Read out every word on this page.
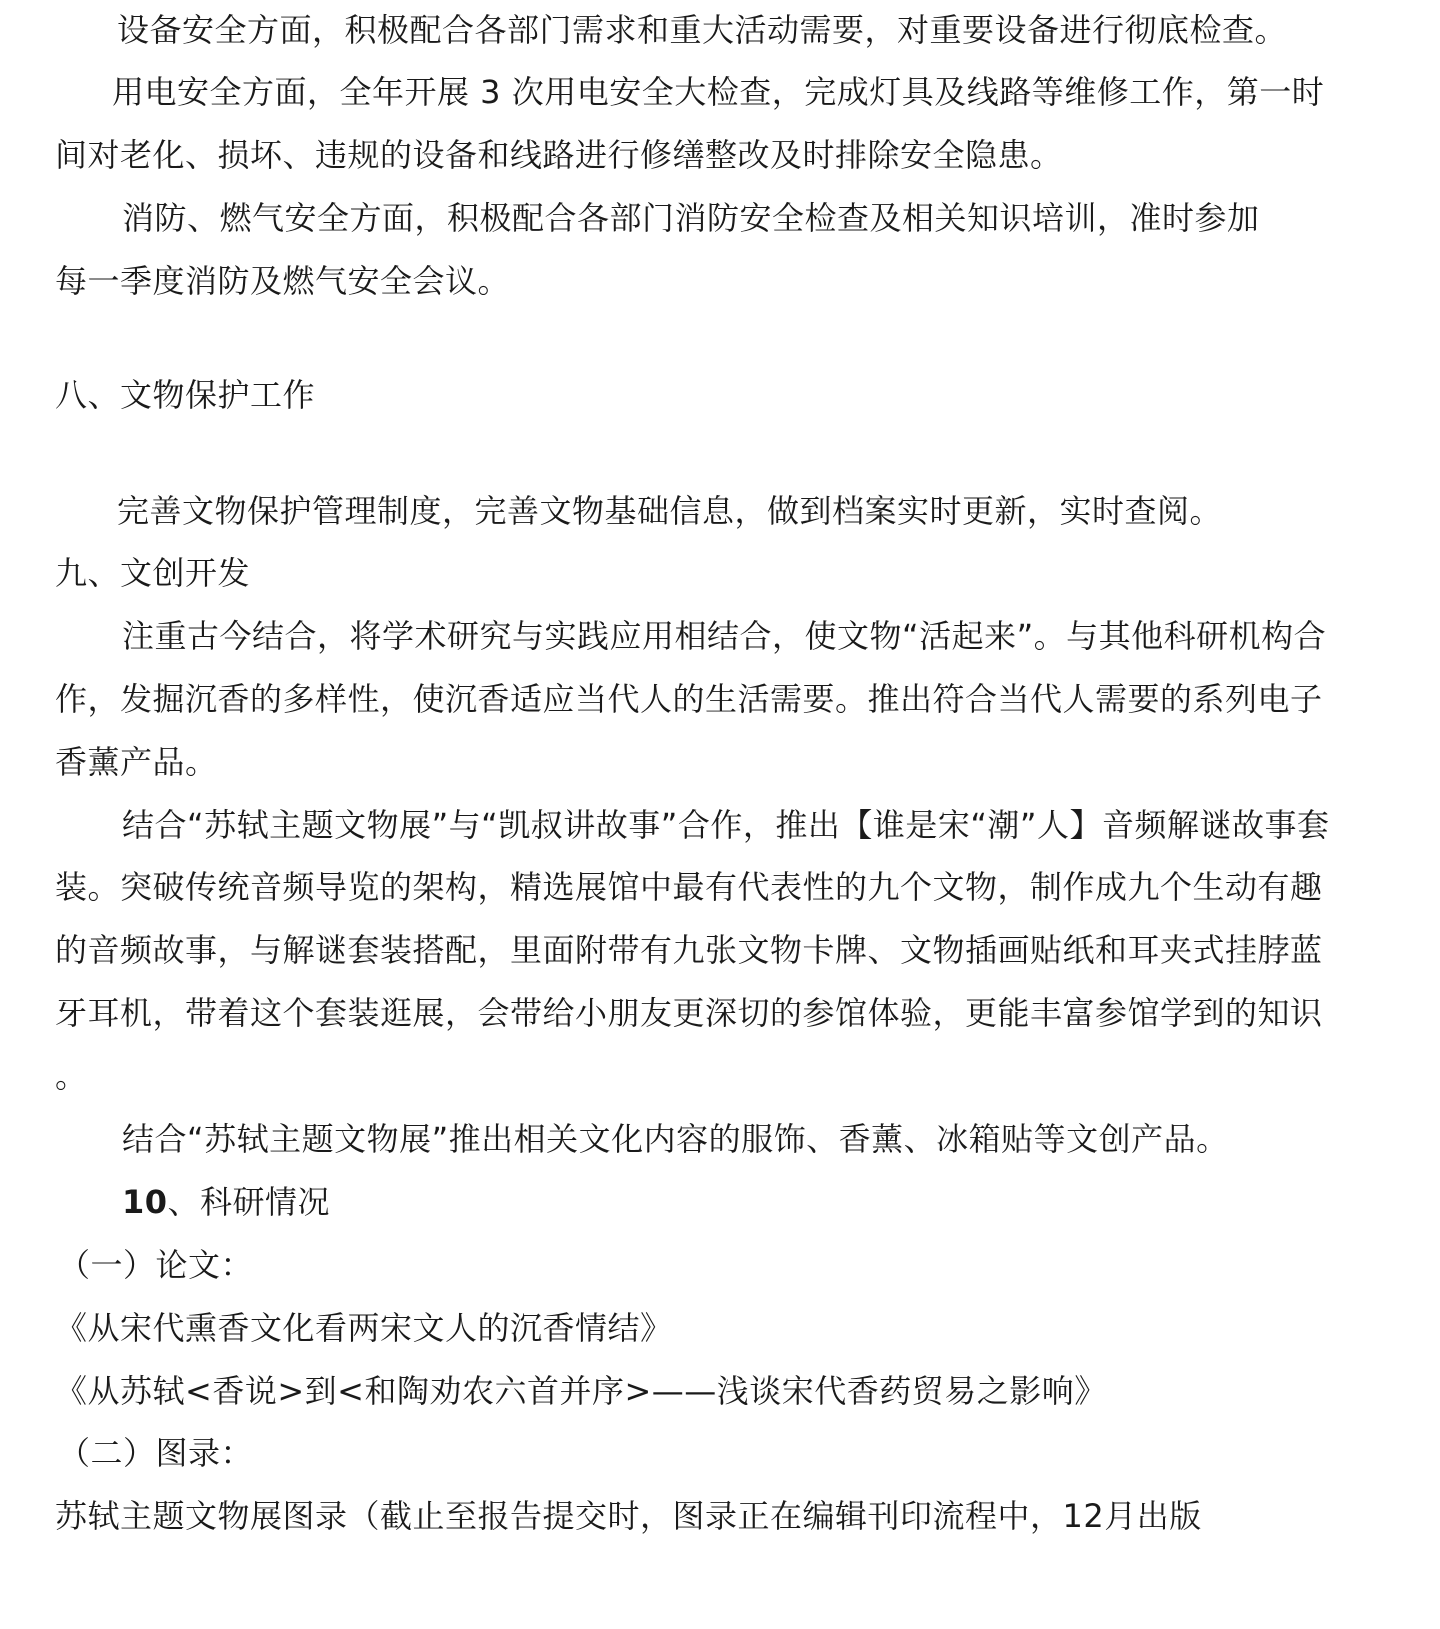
设备安全方面，积极配合各部门需求和重大活动需要，对重要设备进行彻底检查。
用电安全方面，全年开展 3 次用电安全大检查，完成灯具及线路等维修工作，第一时
间对老化、损坏、违规的设备和线路进行修缮整改及时排除安全隐患。
消防、燃气安全方面，积极配合各部门消防安全检查及相关知识培训，准时参加
每一季度消防及燃气安全会议。
八、文物保护工作
完善文物保护管理制度，完善文物基础信息，做到档案实时更新，实时查阅。
九、文创开发
注重古今结合，将学术研究与实践应用相结合，使文物“活起来”。与其他科研机构合
作，发掘沉香的多样性，使沉香适应当代人的生活需要。推出符合当代人需要的系列电子
香薰产品。
结合“苏轼主题文物展”与“凯叔讲故事”合作，推出【谁是宋“潮”人】音频解谜故事套
装。突破传统音频导览的架构，精选展馆中最有代表性的九个文物，制作成九个生动有趣
的音频故事，与解谜套装搭配，里面附带有九张文物卡牌、文物插画贴纸和耳夹式挂脖蓝
牙耳机，带着这个套装逛展，会带给小朋友更深切的参馆体验，更能丰富参馆学到的知识
。
结合“苏轼主题文物展”推出相关文化内容的服饰、香薰、冰箱贴等文创产品。
10、科研情况
（一）论文：
《从宋代熏香文化看两宋文人的沉香情结》
《从苏轼<香说>到<和陶劝农六首并序>——浅谈宋代香药贸易之影响》
（二）图录：
苏轼主题文物展图录（截止至报告提交时，图录正在编辑刊印流程中，12月出版
